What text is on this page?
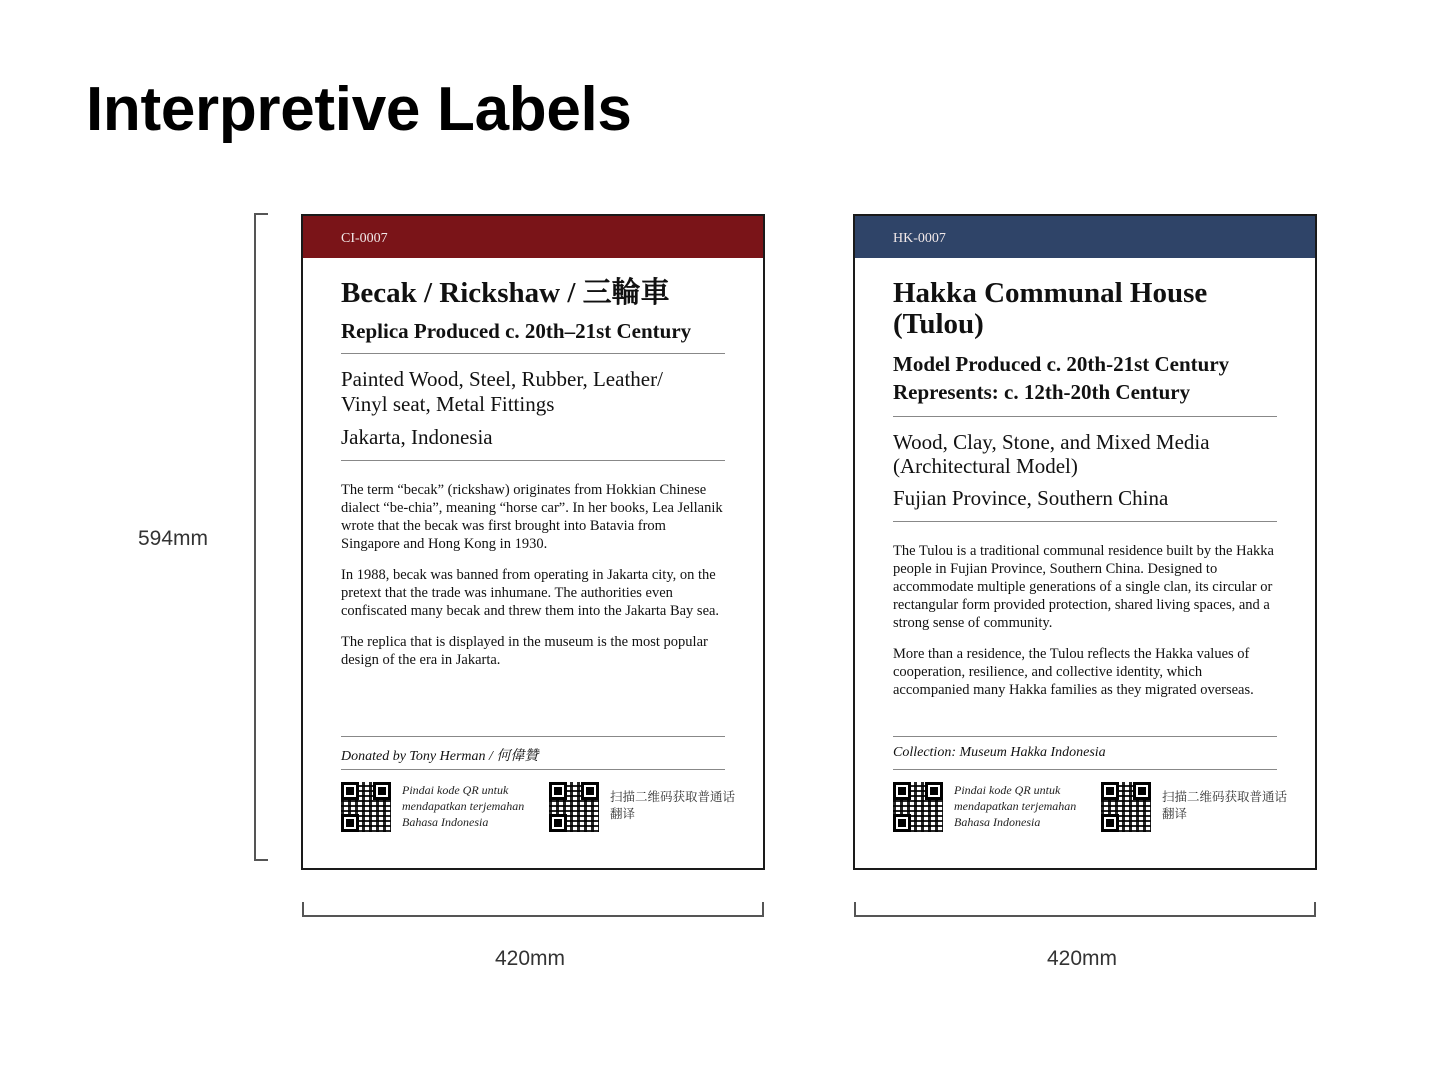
Interpretive Labels
594mm
CI-0007
Becak / Rickshaw / 三輪車
Replica Produced c. 20th–21st Century
Painted Wood, Steel, Rubber, Leather/ Vinyl seat, Metal Fittings
Jakarta, Indonesia

The term “becak” (rickshaw) originates from Hokkian Chinese dialect “be-chia”, meaning “horse car”. In her books, Lea Jellanik wrote that the becak was first brought into Batavia from Singapore and Hong Kong in 1930.

In 1988, becak was banned from operating in Jakarta city, on the pretext that the trade was inhumane. The authorities even confiscated many becak and threw them into the Jakarta Bay sea.

The replica that is displayed in the museum is the most popular design of the era in Jakarta.

Donated by Tony Herman / 何偉贊
Pindai kode QR untuk mendapatkan terjemahan Bahasa Indonesia
扫描二维码获取普通话翻译
HK-0007
Hakka Communal House (Tulou)
Model Produced c. 20th-21st Century Represents: c. 12th-20th Century
Wood, Clay, Stone, and Mixed Media (Architectural Model)
Fujian Province, Southern China

The Tulou is a traditional communal residence built by the Hakka people in Fujian Province, Southern China. Designed to accommodate multiple generations of a single clan, its circular or rectangular form provided protection, shared living spaces, and a strong sense of community.

More than a residence, the Tulou reflects the Hakka values of cooperation, resilience, and collective identity, which accompanied many Hakka families as they migrated overseas.

Collection: Museum Hakka Indonesia
Pindai kode QR untuk mendapatkan terjemahan Bahasa Indonesia
扫描二维码获取普通话翻译
420mm	420mm
